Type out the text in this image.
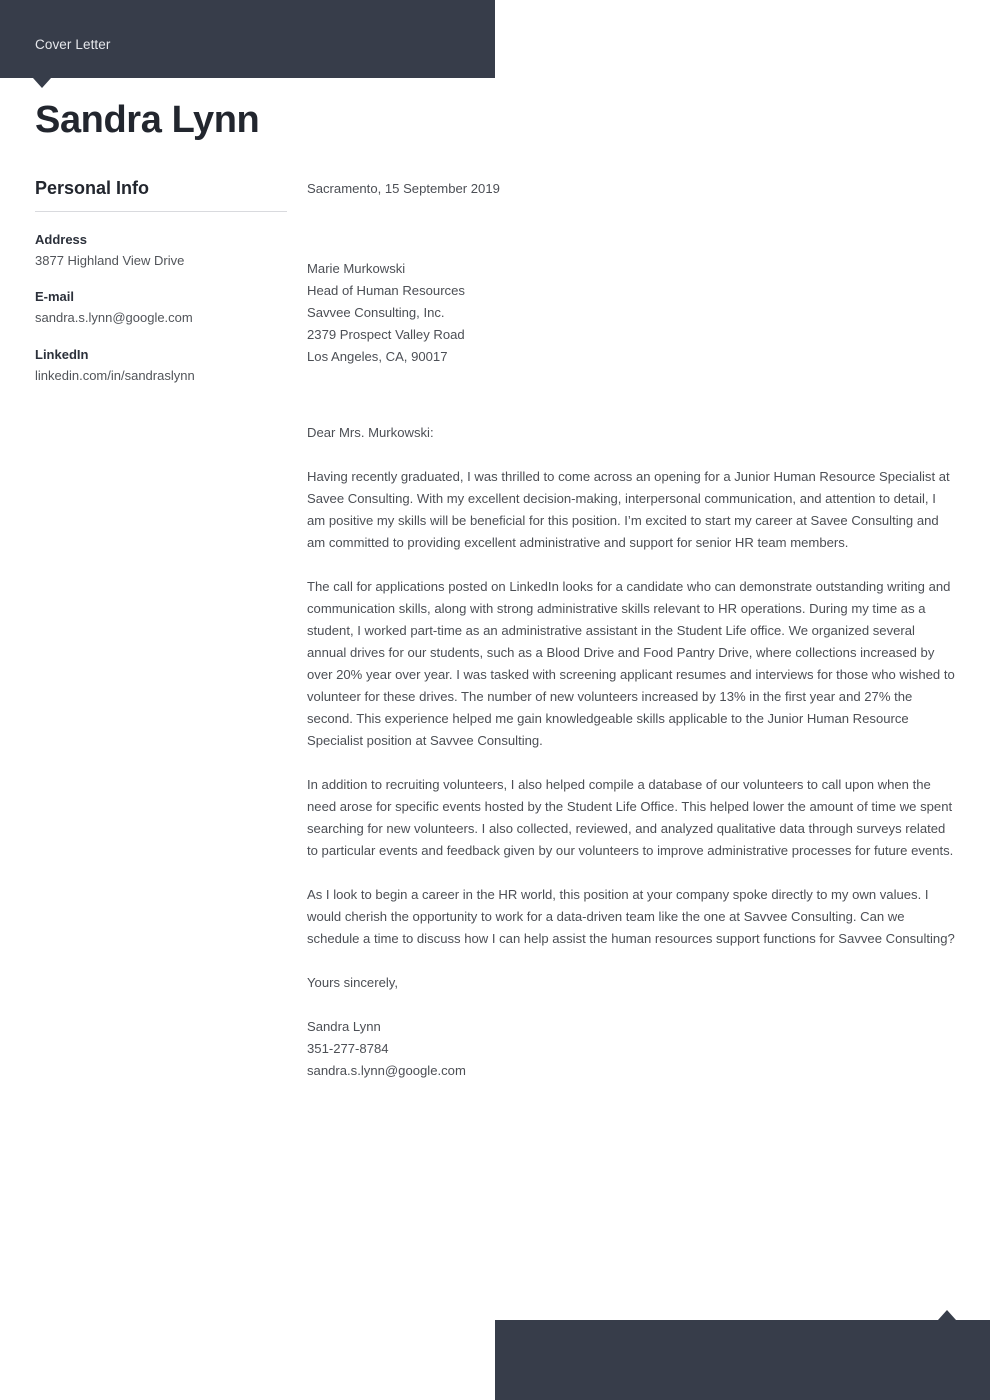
Cover Letter
Sandra Lynn
Personal Info
Address
3877 Highland View Drive
E-mail
sandra.s.lynn@google.com
LinkedIn
linkedin.com/in/sandraslynn

Sacramento, 15 September 2019

Marie Murkowski
Head of Human Resources
Savvee Consulting, Inc.
2379 Prospect Valley Road
Los Angeles, CA, 90017

Dear Mrs. Murkowski:

Having recently graduated, I was thrilled to come across an opening for a Junior Human Resource Specialist at Savee Consulting. With my excellent decision-making, interpersonal communication, and attention to detail, I am positive my skills will be beneficial for this position. I’m excited to start my career at Savee Consulting and am committed to providing excellent administrative and support for senior HR team members.

The call for applications posted on LinkedIn looks for a candidate who can demonstrate outstanding writing and communication skills, along with strong administrative skills relevant to HR operations. During my time as a student, I worked part-time as an administrative assistant in the Student Life office. We organized several annual drives for our students, such as a Blood Drive and Food Pantry Drive, where collections increased by over 20% year over year. I was tasked with screening applicant resumes and interviews for those who wished to volunteer for these drives. The number of new volunteers increased by 13% in the first year and 27% the second. This experience helped me gain knowledgeable skills applicable to the Junior Human Resource Specialist position at Savvee Consulting.

In addition to recruiting volunteers, I also helped compile a database of our volunteers to call upon when the need arose for specific events hosted by the Student Life Office. This helped lower the amount of time we spent searching for new volunteers. I also collected, reviewed, and analyzed qualitative data through surveys related to particular events and feedback given by our volunteers to improve administrative processes for future events.

As I look to begin a career in the HR world, this position at your company spoke directly to my own values. I would cherish the opportunity to work for a data-driven team like the one at Savvee Consulting. Can we schedule a time to discuss how I can help assist the human resources support functions for Savvee Consulting?

Yours sincerely,

Sandra Lynn
351-277-8784
sandra.s.lynn@google.com
